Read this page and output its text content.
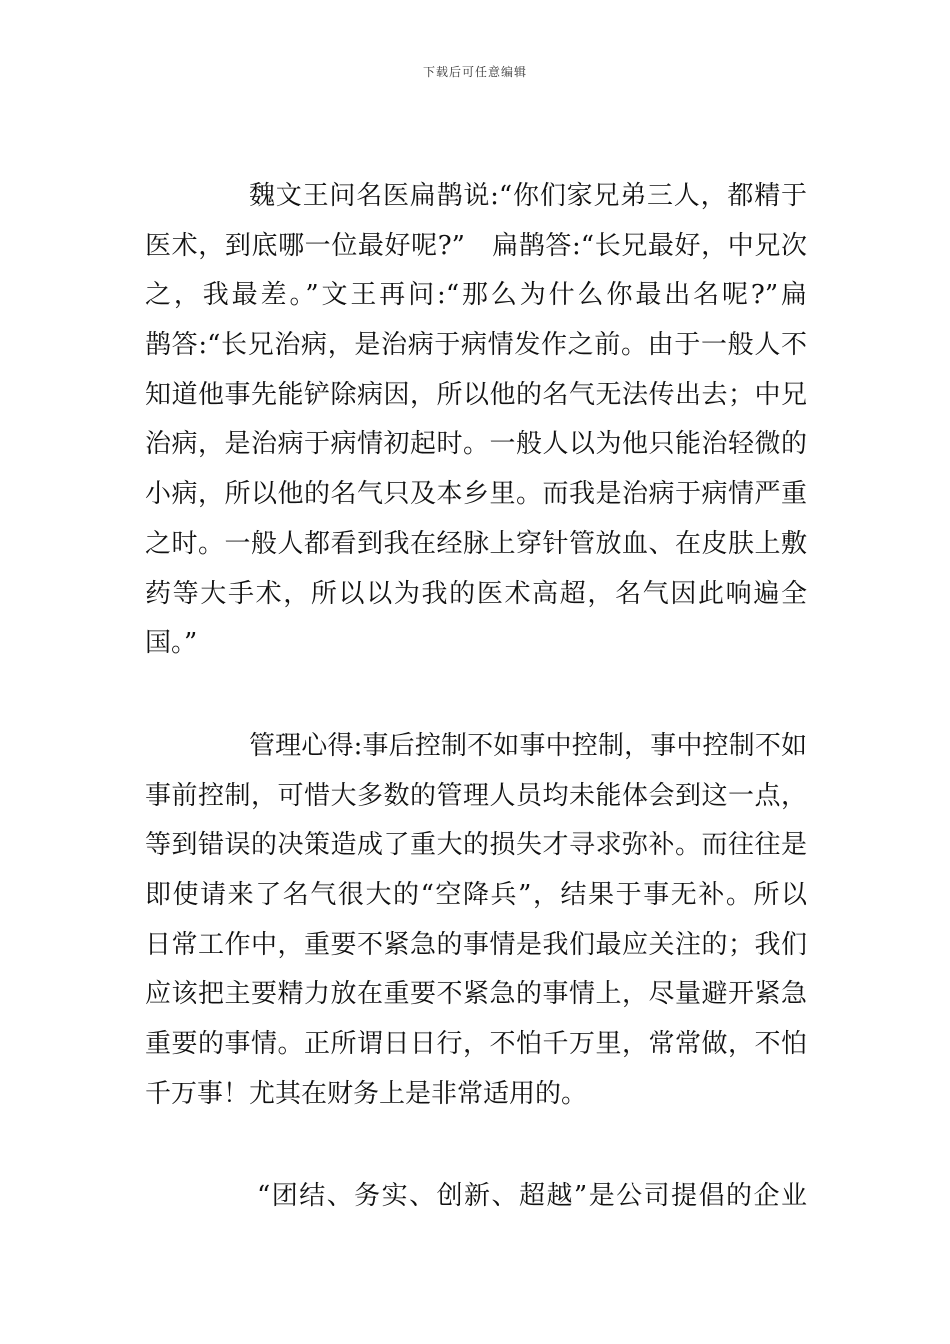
下载后可任意编辑
魏文王问名医扁鹊说:“你们家兄弟三人，都精于
医术，到底哪一位最好呢?”　扁鹊答:“长兄最好，中兄次
之，我最差。”文王再问:“那么为什么你最出名呢?”扁
鹊答:“长兄治病，是治病于病情发作之前。由于一般人不
知道他事先能铲除病因，所以他的名气无法传出去；中兄
治病，是治病于病情初起时。一般人以为他只能治轻微的
小病，所以他的名气只及本乡里。而我是治病于病情严重
之时。一般人都看到我在经脉上穿针管放血、在皮肤上敷
药等大手术，所以以为我的医术高超，名气因此响遍全
国。”
管理心得:事后控制不如事中控制，事中控制不如
事前控制，可惜大多数的管理人员均未能体会到这一点，
等到错误的决策造成了重大的损失才寻求弥补。而往往是
即使请来了名气很大的“空降兵”，结果于事无补。所以
日常工作中，重要不紧急的事情是我们最应关注的；我们
应该把主要精力放在重要不紧急的事情上，尽量避开紧急
重要的事情。正所谓日日行，不怕千万里，常常做，不怕
千万事！尤其在财务上是非常适用的。
“团结、务实、创新、超越”是公司提倡的企业
